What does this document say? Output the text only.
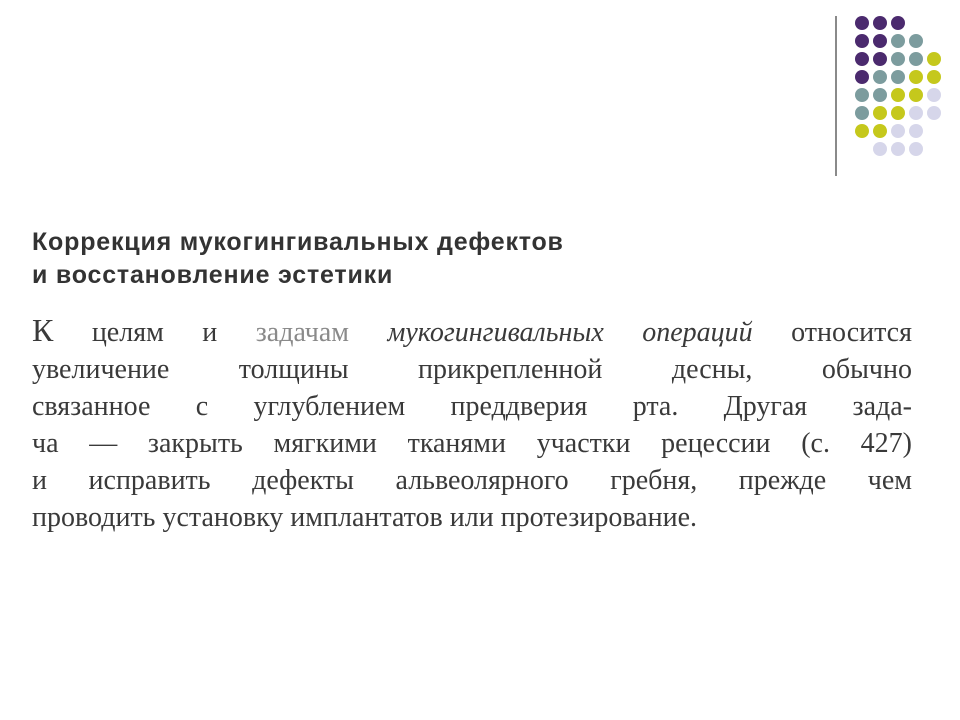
Коррекция мукогингивальных дефектов
и восстановление эстетики
К целям и задачам мукогингивальных операций относится
увеличение толщины прикрепленной десны, обычно
связанное с углублением преддверия рта. Другая зада-
ча — закрыть мягкими тканями участки рецессии (с. 427)
и исправить дефекты альвеолярного гребня, прежде чем
проводить установку имплантатов или протезирование.
